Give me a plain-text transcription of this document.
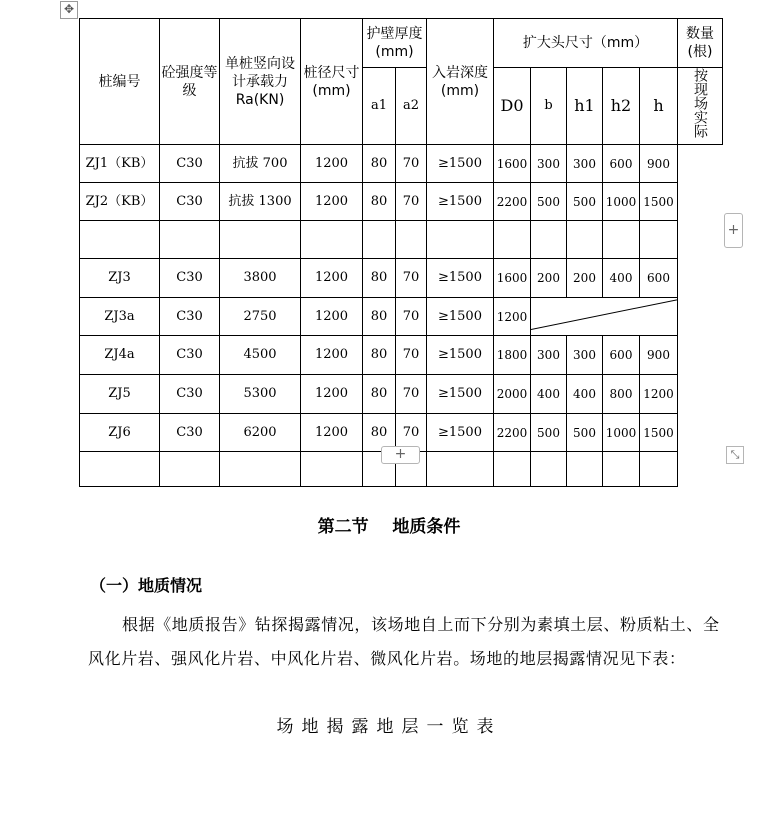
✥
桩编号	砼强度等级	单桩竖向设计承载力 Ra(KN)	桩径尺寸(mm)	护壁厚度(mm)		入岩深度(mm)	扩大头尺寸（mm）					数量(根)
				a1	a2		D0	b	h1	h2	h	按现场实际
ZJ1（KB）	C30	抗拔 700	1200	80	70	≥1500	1600	300	300	600	900	
ZJ2（KB）	C30	抗拔 1300	1200	80	70	≥1500	2200	500	500	1000	1500	

ZJ3	C30	3800	1200	80	70	≥1500	1600	200	200	400	600	
ZJ3a	C30	2750	1200	80	70	≥1500	1200	

ZJ4a	C30	4500	1200	80	70	≥1500	1800	300	300	600	900	
ZJ5	C30	5300	1200	80	70	≥1500	2000	400	400	800	1200	
ZJ6	C30	6200	1200	80	70	≥1500	2200	500	500	1000	1500	

+
+	⤡
第二节    地质条件
（一）地质情况
根据《地质报告》钻探揭露情况，该场地自上而下分别为素填土层、粉质粘土、全风化片岩、强风化片岩、中风化片岩、微风化片岩。场地的地层揭露情况见下表：
场地揭露地层一览表
